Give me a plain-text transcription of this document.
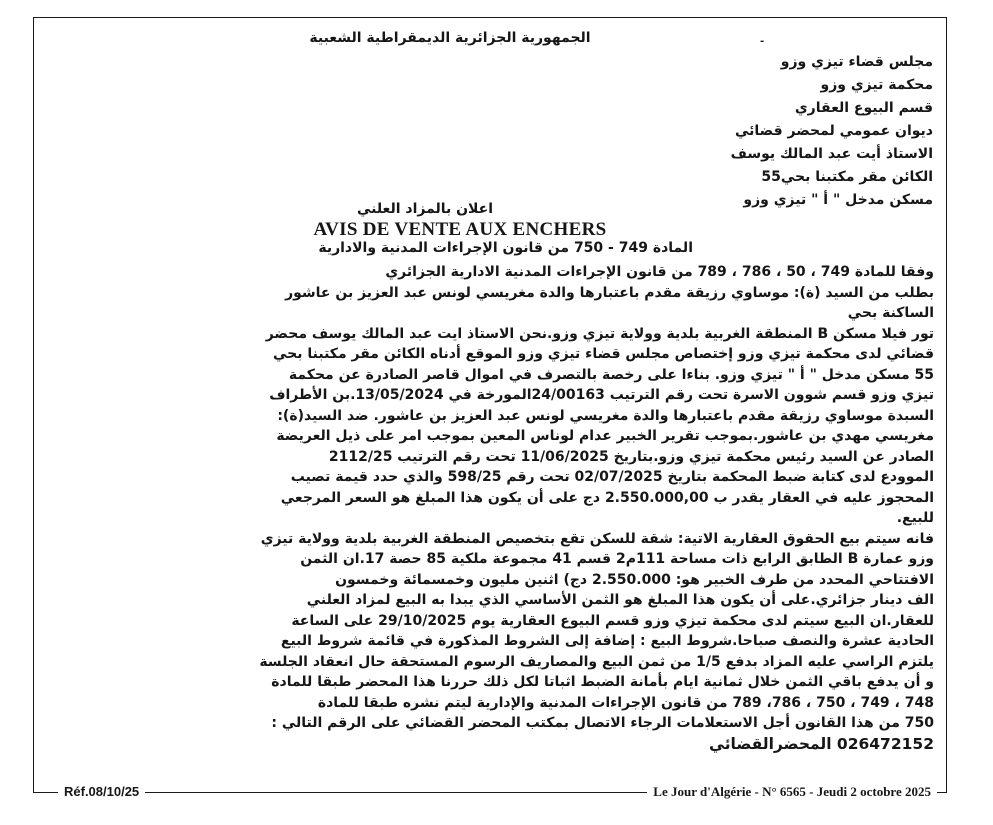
-
الجمهورية الجزائرية الديمقراطية الشعبية
مجلس قضاء تيزي وزو
محكمة تيزي وزو
قسم البيوع العقاري
ديوان عمومي لمحضر قضائي
الاستاذ أيت عبد المالك يوسف
الكائن مقر مكتبنا بحي55
مسكن مدخل " أ " تيزي وزو
اعلان بالمزاد العلني
AVIS DE VENTE AUX ENCHERS
المادة 749 - 750 من قانون الإجراءات المدنية والادارية
وفقا للمادة 749 ، 50 ، 786 ، 789 من قانون الإجراءات المدنية الادارية الجزائري
بطلب من السيد (ة): موساوي رزيقة مقدم باعتبارها والدة مغريسي لونس عبد العزيز بن عاشور
الساكنة بحي
تور فيلا مسكن B المنطقة الغربية بلدية وولاية تيزي وزو.نحن الاستاذ ايت عبد المالك يوسف محضر
قضائي لدى محكمة تيزي وزو إختصاص مجلس قضاء تيزي وزو الموقع أدناه الكائن مقر مكتبنا بحي
55 مسكن مدخل " أ " تيزي وزو. بناءا على رخصة بالتصرف في اموال قاصر الصادرة عن محكمة
تيزي وزو قسم شوون الاسرة تحت رقم الترتيب 24/00163المورخة في 13/05/2024.بن الأطراف
السبدة موساوي رزيقة مقدم باعتبارها والدة مغريسي لونس عبد العزيز بن عاشور. ضد السيد(ة):
مغريسي مهدي بن عاشور.بموجب تقرير الخبير عدام لوناس المعين بموجب امر على ذيل العريضة
الصادر عن السيد رئيس محكمة تيزي وزو.بتاريخ 11/06/2025 تحت رقم الترتيب 2112/25
الموودع لدى كتابة ضبط المحكمة بتاريخ 02/07/2025 تحت رقم 598/25 والذي حدد قيمة تصيب
المحجوز عليه في العقار يقدر ب 2.550.000,00 دج على أن يكون هذا المبلغ هو السعر المرجعي
للبيع.
فانه سيتم بيع الحقوق العقارية الاتية: شقة للسكن تقع بتخصيص المنطقة الغربية بلدية وولاية تيزي
وزو عمارة B الطابق الرابع ذات مساحة 111م2 قسم 41 مجموعة ملكية 85 حصة 17.ان الثمن
الافتتاحي المحدد من طرف الخبير هو: 2.550.000 دج) اثنين مليون وخمسمائة وخمسون
الف دينار جزائري.على أن يكون هذا المبلغ هو الثمن الأساسي الذي يبدا به البيع لمزاد العلني
للعقار.ان البيع سيتم لدى محكمة تيزي وزو قسم البيوع العقارية يوم 29/10/2025 على الساعة
الحادية عشرة والنصف صباحا.شروط البيع : إضافة إلى الشروط المذكورة في قائمة شروط البيع
يلتزم الراسي عليه المزاد بدفع 1/5 من ثمن البيع والمصاريف الرسوم المستحقة حال انعقاد الجلسة
و أن يدفع باقي الثمن خلال ثمانية ايام بأمانة الضبط اثباتا لكل ذلك حررنا هذا المحضر طبقا للمادة
748 ، 749 ، 750 ، 786، 789 من قانون الإجراءات المدنية والإدارية ليتم نشره طبقا للمادة
750 من هذا القانون أجل الاستعلامات الرجاء الاتصال بمكتب المحضر القضائي على الرقم التالي :
026472152 المحضرالقضائي
Réf.08/10/25	Le Jour d'Algérie - N° 6565 - Jeudi 2 octobre 2025
